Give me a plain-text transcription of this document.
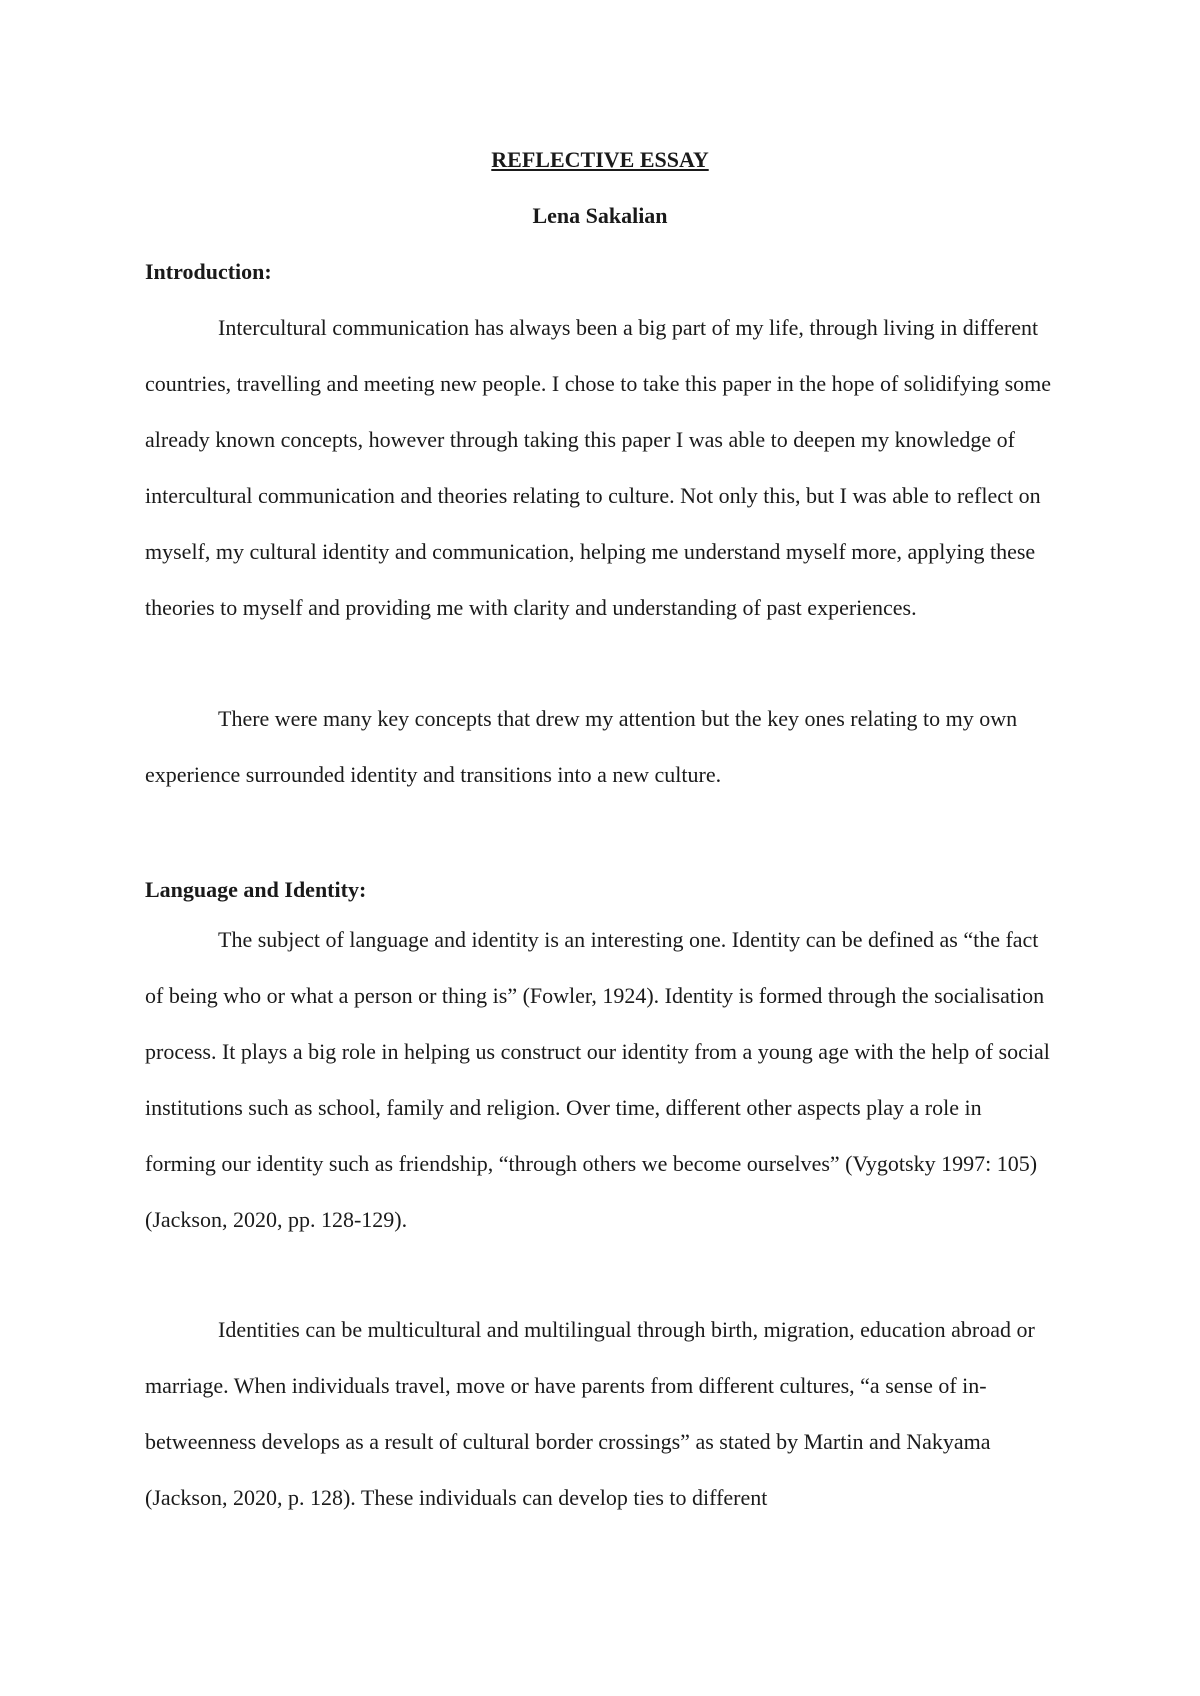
REFLECTIVE ESSAY
Lena Sakalian
Introduction:

Intercultural communication has always been a big part of my life, through living in different countries, travelling and meeting new people. I chose to take this paper in the hope of solidifying some already known concepts, however through taking this paper I was able to deepen my knowledge of intercultural communication and theories relating to culture. Not only this, but I was able to reflect on myself, my cultural identity and communication, helping me understand myself more, applying these theories to myself and providing me with clarity and understanding of past experiences.

There were many key concepts that drew my attention but the key ones relating to my own experience surrounded identity and transitions into a new culture.

Language and Identity:

The subject of language and identity is an interesting one. Identity can be defined as “the fact of being who or what a person or thing is” (Fowler, 1924). Identity is formed through the socialisation process. It plays a big role in helping us construct our identity from a young age with the help of social institutions such as school, family and religion. Over time, different other aspects play a role in forming our identity such as friendship, “through others we become ourselves” (Vygotsky 1997: 105) (Jackson, 2020, pp. 128-129).

Identities can be multicultural and multilingual through birth, migration, education abroad or marriage. When individuals travel, move or have parents from different cultures, “a sense of in-betweenness develops as a result of cultural border crossings” as stated by Martin and Nakyama (Jackson, 2020, p. 128). These individuals can develop ties to different
